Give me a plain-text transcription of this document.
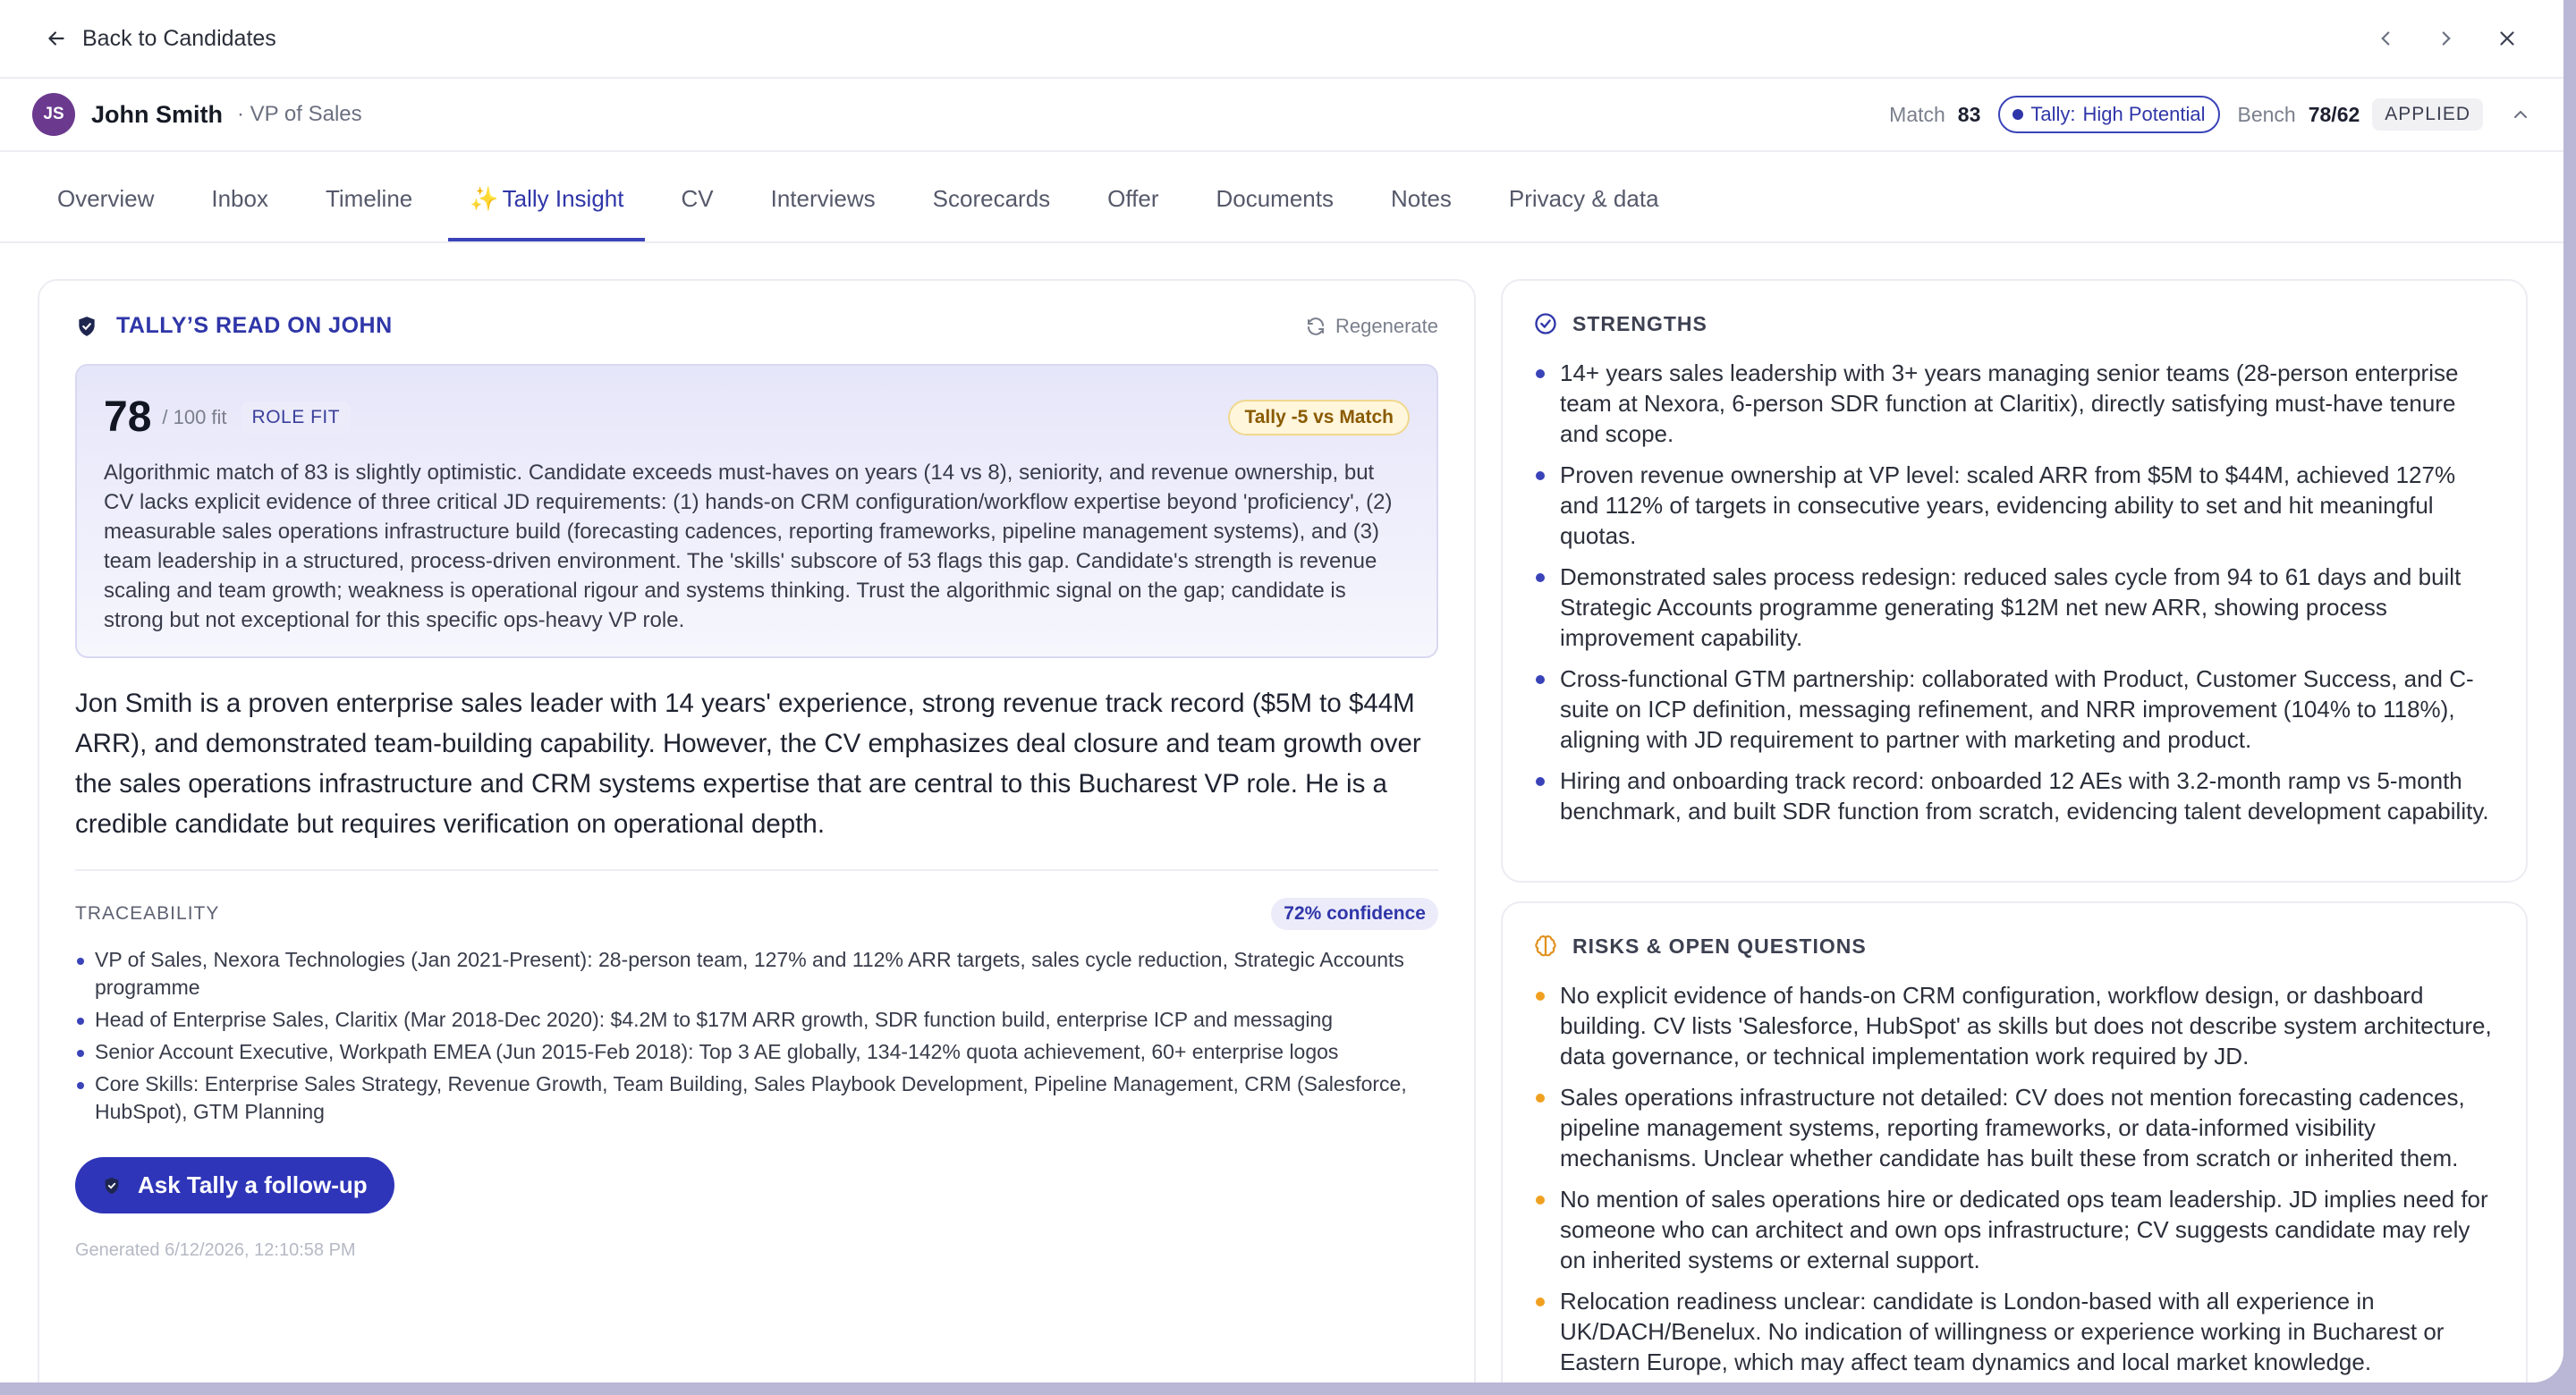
Back to Candidates
JS	John Smith · VP of Sales	Match 83	Tally: High Potential Bench 78/62	APPLIED
Overview	Inbox	Timeline	✨ Tally Insight	CV	Interviews	Scorecards	Offer	Documents	Notes	Privacy & data
TALLY’S READ ON JOHN	Regenerate
78 / 100 fit	ROLE FIT	Tally -5 vs Match

Algorithmic match of 83 is slightly optimistic. Candidate exceeds must-haves on years (14 vs 8), seniority, and revenue ownership, but CV lacks explicit evidence of three critical JD requirements: (1) hands-on CRM configuration/workflow expertise beyond 'proficiency', (2) measurable sales operations infrastructure build (forecasting cadences, reporting frameworks, pipeline management systems), and (3) team leadership in a structured, process-driven environment. The 'skills' subscore of 53 flags this gap. Candidate's strength is revenue scaling and team growth; weakness is operational rigour and systems thinking. Trust the algorithmic signal on the gap; candidate is strong but not exceptional for this specific ops-heavy VP role.

Jon Smith is a proven enterprise sales leader with 14 years' experience, strong revenue track record ($5M to $44M ARR), and demonstrated team-building capability. However, the CV emphasizes deal closure and team growth over the sales operations infrastructure and CRM systems expertise that are central to this Bucharest VP role. He is a credible candidate but requires verification on operational depth.

TRACEABILITY	72% confidence
VP of Sales, Nexora Technologies (Jan 2021-Present): 28-person team, 127% and 112% ARR targets, sales cycle reduction, Strategic Accounts programme
Head of Enterprise Sales, Claritix (Mar 2018-Dec 2020): $4.2M to $17M ARR growth, SDR function build, enterprise ICP and messaging
Senior Account Executive, Workpath EMEA (Jun 2015-Feb 2018): Top 3 AE globally, 134-142% quota achievement, 60+ enterprise logos
Core Skills: Enterprise Sales Strategy, Revenue Growth, Team Building, Sales Playbook Development, Pipeline Management, CRM (Salesforce, HubSpot), GTM Planning
Ask Tally a follow-up

Generated 6/12/2026, 12:10:58 PM

STRENGTHS
14+ years sales leadership with 3+ years managing senior teams (28-person enterprise team at Nexora, 6-person SDR function at Claritix), directly satisfying must-have tenure and scope.
Proven revenue ownership at VP level: scaled ARR from $5M to $44M, achieved 127% and 112% of targets in consecutive years, evidencing ability to set and hit meaningful quotas.
Demonstrated sales process redesign: reduced sales cycle from 94 to 61 days and built Strategic Accounts programme generating $12M net new ARR, showing process improvement capability.
Cross-functional GTM partnership: collaborated with Product, Customer Success, and C-suite on ICP definition, messaging refinement, and NRR improvement (104% to 118%), aligning with JD requirement to partner with marketing and product.
Hiring and onboarding track record: onboarded 12 AEs with 3.2-month ramp vs 5-month benchmark, and built SDR function from scratch, evidencing talent development capability.
RISKS & OPEN QUESTIONS
No explicit evidence of hands-on CRM configuration, workflow design, or dashboard building. CV lists 'Salesforce, HubSpot' as skills but does not describe system architecture, data governance, or technical implementation work required by JD.
Sales operations infrastructure not detailed: CV does not mention forecasting cadences, pipeline management systems, reporting frameworks, or data-informed visibility mechanisms. Unclear whether candidate has built these from scratch or inherited them.
No mention of sales operations hire or dedicated ops team leadership. JD implies need for someone who can architect and own ops infrastructure; CV suggests candidate may rely on inherited systems or external support.
Relocation readiness unclear: candidate is London-based with all experience in UK/DACH/Benelux. No indication of willingness or experience working in Bucharest or Eastern Europe, which may affect team dynamics and local market knowledge.
